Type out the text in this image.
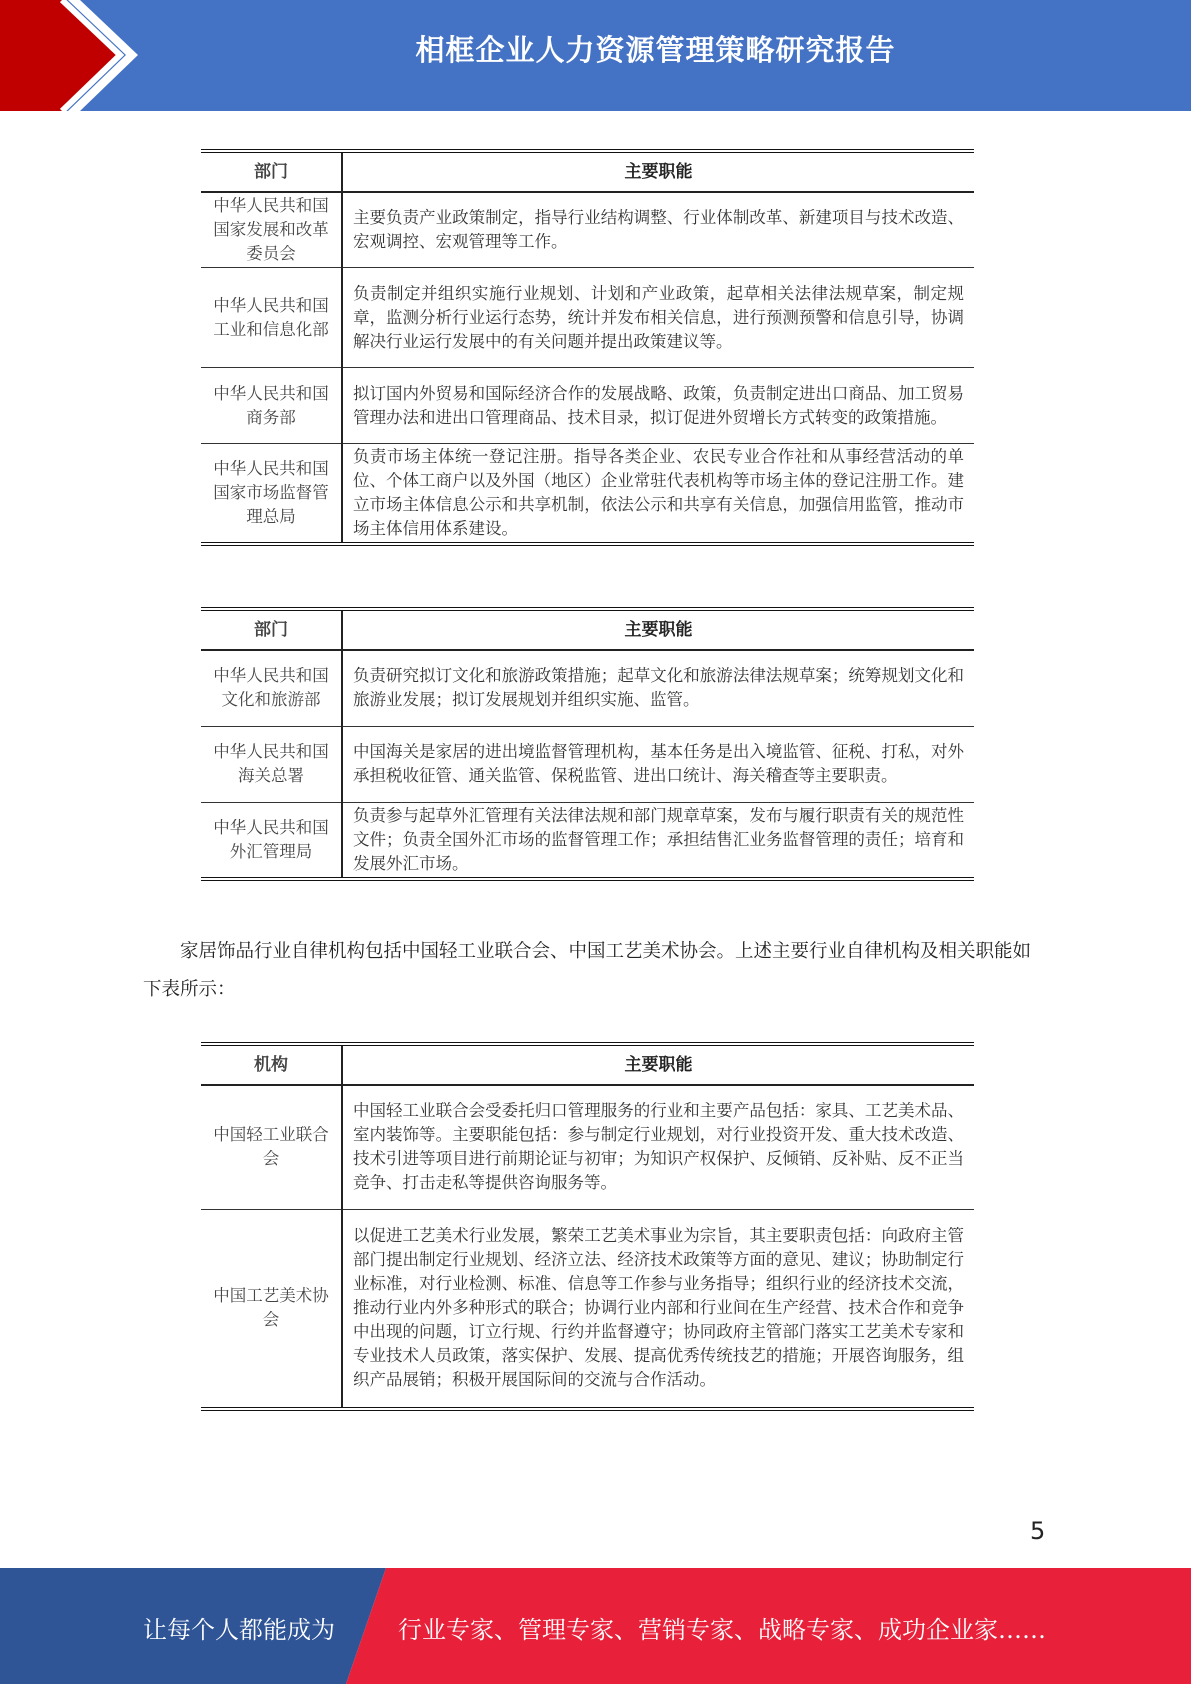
相框企业人力资源管理策略研究报告
部门	主要职能
中华人民共和国国家发展和改革委员会	主要负责产业政策制定，指导行业结构调整、行业体制改革、新建项目与技术改造、宏观调控、宏观管理等工作。
中华人民共和国工业和信息化部	负责制定并组织实施行业规划、计划和产业政策，起草相关法律法规草案，制定规章，监测分析行业运行态势，统计并发布相关信息，进行预测预警和信息引导，协调解决行业运行发展中的有关问题并提出政策建议等。
中华人民共和国商务部	拟订国内外贸易和国际经济合作的发展战略、政策，负责制定进出口商品、加工贸易管理办法和进出口管理商品、技术目录，拟订促进外贸增长方式转变的政策措施。
中华人民共和国国家市场监督管理总局	负责市场主体统一登记注册。指导各类企业、农民专业合作社和从事经营活动的单位、个体工商户以及外国（地区）企业常驻代表机构等市场主体的登记注册工作。建立市场主体信息公示和共享机制，依法公示和共享有关信息，加强信用监管，推动市场主体信用体系建设。
部门	主要职能
中华人民共和国文化和旅游部	负责研究拟订文化和旅游政策措施；起草文化和旅游法律法规草案；统筹规划文化和旅游业发展；拟订发展规划并组织实施、监管。
中华人民共和国海关总署	中国海关是家居的进出境监督管理机构，基本任务是出入境监管、征税、打私，对外承担税收征管、通关监管、保税监管、进出口统计、海关稽查等主要职责。
中华人民共和国外汇管理局	负责参与起草外汇管理有关法律法规和部门规章草案，发布与履行职责有关的规范性文件；负责全国外汇市场的监督管理工作；承担结售汇业务监督管理的责任；培育和发展外汇市场。

家居饰品行业自律机构包括中国轻工业联合会、中国工艺美术协会。上述主要行业自律机构及相关职能如下表所示：

机构	主要职能
中国轻工业联合会	中国轻工业联合会受委托归口管理服务的行业和主要产品包括：家具、工艺美术品、室内装饰等。主要职能包括：参与制定行业规划，对行业投资开发、重大技术改造、技术引进等项目进行前期论证与初审；为知识产权保护、反倾销、反补贴、反不正当竞争、打击走私等提供咨询服务等。
中国工艺美术协会	以促进工艺美术行业发展，繁荣工艺美术事业为宗旨，其主要职责包括：向政府主管部门提出制定行业规划、经济立法、经济技术政策等方面的意见、建议；协助制定行业标准，对行业检测、标准、信息等工作参与业务指导；组织行业的经济技术交流，推动行业内外多种形式的联合；协调行业内部和行业间在生产经营、技术合作和竞争中出现的问题，订立行规、行约并监督遵守；协同政府主管部门落实工艺美术专家和专业技术人员政策，落实保护、发展、提高优秀传统技艺的措施；开展咨询服务，组织产品展销；积极开展国际间的交流与合作活动。
5
让每个人都能成为	行业专家、管理专家、营销专家、战略专家、成功企业家……
